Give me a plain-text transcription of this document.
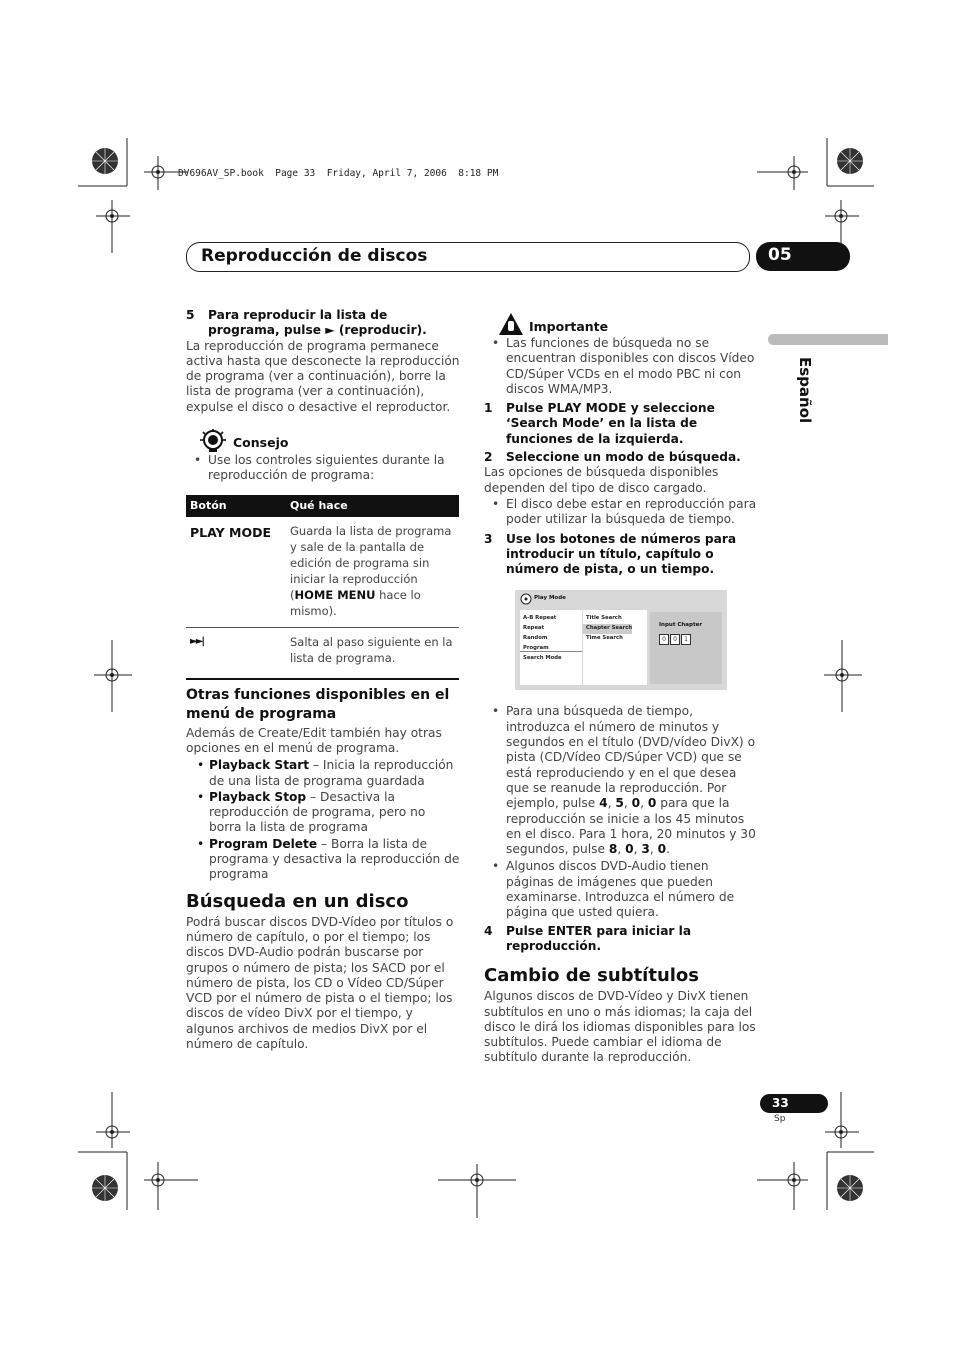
DV696AV_SP.book  Page 33  Friday, April 7, 2006  8:18 PM
Reproducción de discos	05
Español
5	Para reproducir la lista de programa, pulse ► (reproducir).
La reproducción de programa permanece activa hasta que desconecte la reproducción de programa (ver a continuación), borre la lista de programa (ver a continuación), expulse el disco o desactive el reproductor.
Consejo
• Use los controles siguientes durante la reproducción de programa:
Botón	Qué hace
PLAY MODE	Guarda la lista de programa y sale de la pantalla de edición de programa sin iniciar la reproducción (HOME MENU hace lo mismo).
►►|	Salta al paso siguiente en la lista de programa.
Otras funciones disponibles en el menú de programa
Además de Create/Edit también hay otras opciones en el menú de programa.
• Playback Start – Inicia la reproducción de una lista de programa guardada
• Playback Stop – Desactiva la reproducción de programa, pero no borra la lista de programa
• Program Delete – Borra la lista de programa y desactiva la reproducción de programa
Búsqueda en un disco
Podrá buscar discos DVD-Vídeo por títulos o número de capítulo, o por el tiempo; los discos DVD-Audio podrán buscarse por grupos o número de pista; los SACD por el número de pista, los CD o Vídeo CD/Súper VCD por el número de pista o el tiempo; los discos de vídeo DivX por el tiempo, y algunos archivos de medios DivX por el número de capítulo.
Importante
• Las funciones de búsqueda no se encuentran disponibles con discos Vídeo CD/Súper VCDs en el modo PBC ni con discos WMA/MP3.
1	Pulse PLAY MODE y seleccione ‘Search Mode’ en la lista de funciones de la izquierda.
2	Seleccione un modo de búsqueda.
Las opciones de búsqueda disponibles dependen del tipo de disco cargado.
• El disco debe estar en reproducción para poder utilizar la búsqueda de tiempo.
3	Use los botones de números para introducir un título, capítulo o número de pista, o un tiempo.
Play Mode
A-B Repeat
Repeat
Random
Program
Search Mode
Title Search
Chapter Search
Time Search
Input Chapter
0	0	1
• Para una búsqueda de tiempo, introduzca el número de minutos y segundos en el título (DVD/vídeo DivX) o pista (CD/Vídeo CD/Súper VCD) que se está reproduciendo y en el que desea que se reanude la reproducción. Por ejemplo, pulse 4, 5, 0, 0 para que la reproducción se inicie a los 45 minutos en el disco. Para 1 hora, 20 minutos y 30 segundos, pulse 8, 0, 3, 0.
• Algunos discos DVD-Audio tienen páginas de imágenes que pueden examinarse. Introduzca el número de página que usted quiera.
4	Pulse ENTER para iniciar la reproducción.
Cambio de subtítulos
Algunos discos de DVD-Vídeo y DivX tienen subtítulos en uno o más idiomas; la caja del disco le dirá los idiomas disponibles para los subtítulos. Puede cambiar el idioma de subtítulo durante la reproducción.
33
Sp
